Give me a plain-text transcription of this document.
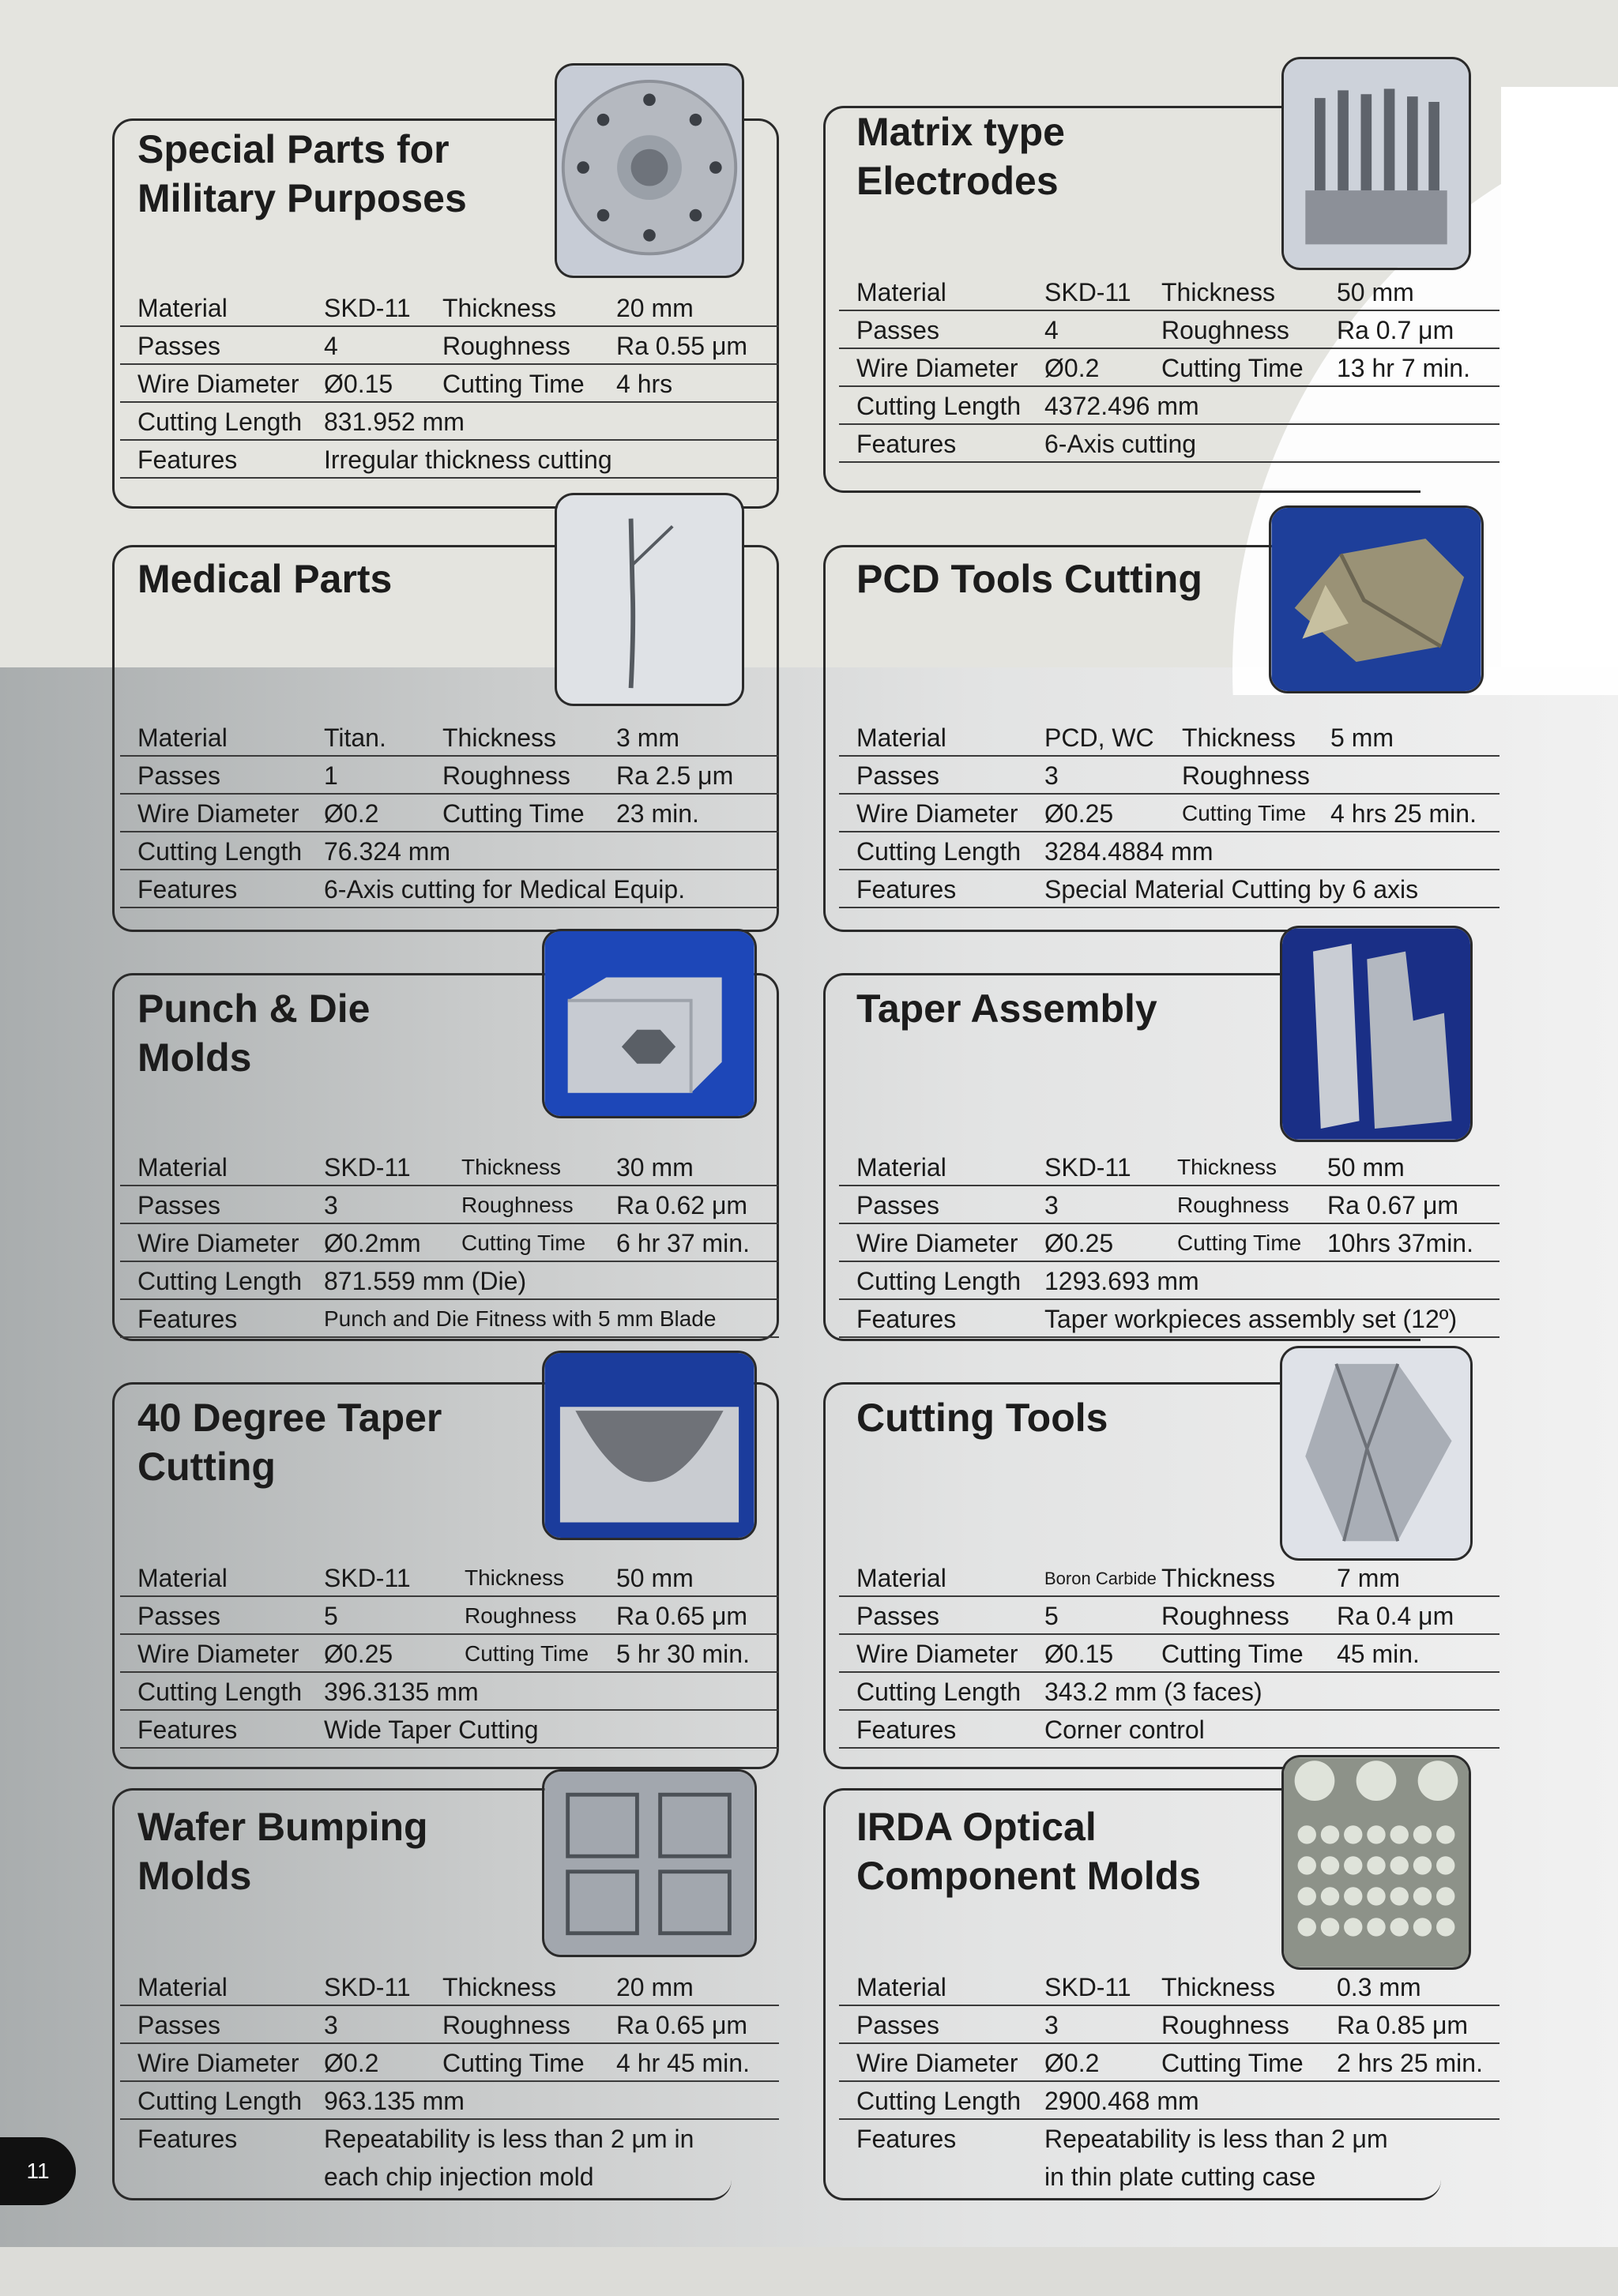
Special Parts for
Military Purposes
Material	SKD-11 Thickness 20 mm
Passes	4	Roughness Ra 0.55 μm
Wire Diameter Ø0.15 Cutting Time 4 hrs
Cutting Length 831.952 mm
Features	Irregular thickness cutting
Matrix type
Electrodes
Material	SKD-11 Thickness 50 mm
Passes	4	Roughness Ra 0.7 μm
Wire Diameter Ø0.2 Cutting Time 13 hr 7 min.
Cutting Length 4372.496 mm
Features	6-Axis cutting
Medical Parts
Material	Titan. Thickness 3 mm
Passes	1	Roughness Ra 2.5 μm
Wire Diameter Ø0.2	Cutting Time 23 min.
Cutting Length 76.324 mm
Features	6-Axis cutting for Medical Equip.
PCD Tools Cutting
Material	PCD, WC Thickness 5 mm
Passes	3	Roughness
Wire Diameter Ø0.25	Cutting Time 4 hrs 25 min.
Cutting Length 3284.4884 mm
Features	Special Material Cutting by 6 axis
Punch & Die
Molds
Material	SKD-11 Thickness 30 mm
Passes	3	Roughness Ra 0.62 μm
Wire Diameter Ø0.2mm Cutting Time 6 hr 37 min.
Cutting Length 871.559 mm (Die)
Features	Punch and Die Fitness with 5 mm Blade
Taper Assembly
Material	SKD-11 Thickness 50 mm
Passes	3	Roughness Ra 0.67 μm
Wire Diameter Ø0.25	Cutting Time 10hrs 37min.
Cutting Length 1293.693 mm
Features	Taper workpieces assembly set (12º)
40 Degree Taper
Cutting
Material	SKD-11 Thickness 50 mm
Passes	5	Roughness Ra 0.65 μm
Wire Diameter Ø0.25	Cutting Time 5 hr 30 min.
Cutting Length 396.3135 mm
Features	Wide Taper Cutting
Cutting Tools
Material	Boron Carbide Thickness 7 mm
Passes	5	Roughness Ra 0.4 μm
Wire Diameter Ø0.15 Cutting Time 45 min.
Cutting Length 343.2 mm (3 faces)
Features	Corner control
Wafer Bumping
Molds
Material	SKD-11 Thickness 20 mm
Passes	3	Roughness Ra 0.65 μm
Wire Diameter Ø0.2	Cutting Time 4 hr 45 min.
Cutting Length 963.135 mm
Features	Repeatability is less than 2 μm in
each chip injection mold
IRDA Optical
Component Molds
Material	SKD-11 Thickness 0.3 mm
Passes	3	Roughness Ra 0.85 μm
Wire Diameter Ø0.2 Cutting Time 2 hrs 25 min.
Cutting Length 2900.468 mm
Features	Repeatability is less than 2 μm
in thin plate cutting case
11
